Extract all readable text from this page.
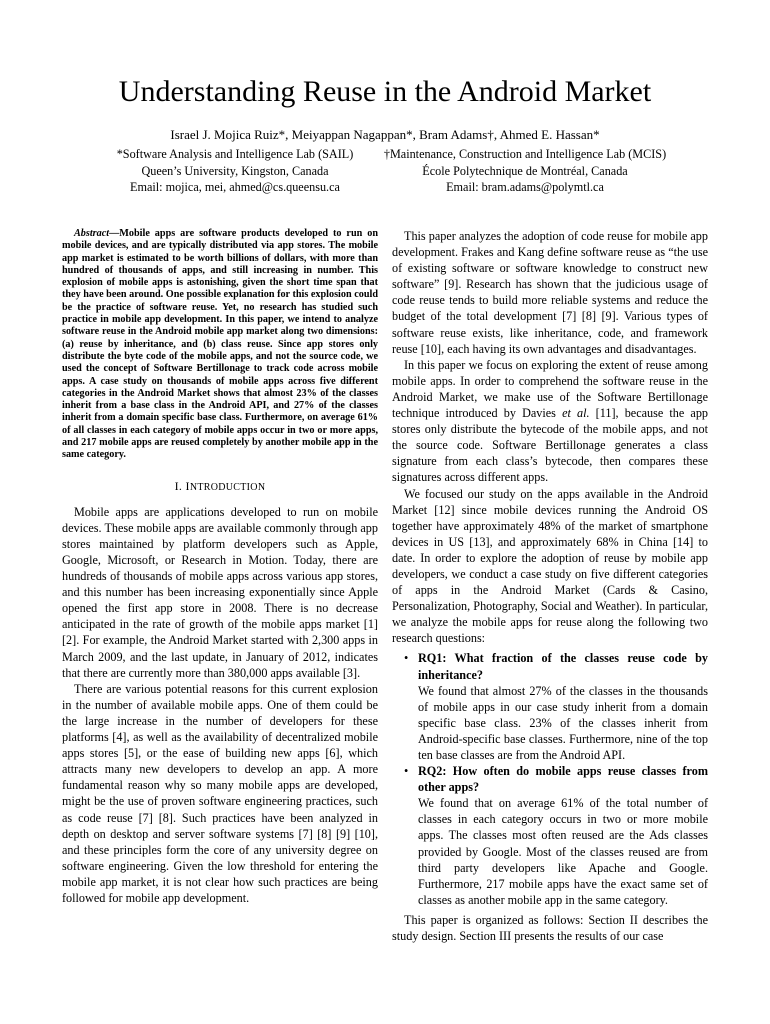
Understanding Reuse in the Android Market
Israel J. Mojica Ruiz*, Meiyappan Nagappan*, Bram Adams†, Ahmed E. Hassan*
*Software Analysis and Intelligence Lab (SAIL)
Queen’s University, Kingston, Canada
Email: mojica, mei, ahmed@cs.queensu.ca
†Maintenance, Construction and Intelligence Lab (MCIS)
École Polytechnique de Montréal, Canada
Email: bram.adams@polymtl.ca

Abstract—Mobile apps are software products developed to run on mobile devices, and are typically distributed via app stores. The mobile app market is estimated to be worth billions of dollars, with more than hundred of thousands of apps, and still increasing in number. This explosion of mobile apps is astonishing, given the short time span that they have been around. One possible explanation for this explosion could be the practice of software reuse. Yet, no research has studied such practice in mobile app development. In this paper, we intend to analyze software reuse in the Android mobile app market along two dimensions: (a) reuse by inheritance, and (b) class reuse. Since app stores only distribute the byte code of the mobile apps, and not the source code, we used the concept of Software Bertillonage to track code across mobile apps. A case study on thousands of mobile apps across five different categories in the Android Market shows that almost 23% of the classes inherit from a base class in the Android API, and 27% of the classes inherit from a domain specific base class. Furthermore, on average 61% of all classes in each category of mobile apps occur in two or more apps, and 217 mobile apps are reused completely by another mobile app in the same category.

I. INTRODUCTION

Mobile apps are applications developed to run on mobile devices. These mobile apps are available commonly through app stores maintained by platform developers such as Apple, Google, Microsoft, or Research in Motion. Today, there are hundreds of thousands of mobile apps across various app stores, and this number has been increasing exponentially since Apple opened the first app store in 2008. There is no decrease anticipated in the rate of growth of the mobile apps market [1] [2]. For example, the Android Market started with 2,300 apps in March 2009, and the last update, in January of 2012, indicates that there are currently more than 380,000 apps available [3].

There are various potential reasons for this current explosion in the number of available mobile apps. One of them could be the large increase in the number of developers for these platforms [4], as well as the availability of decentralized mobile apps stores [5], or the ease of building new apps [6], which attracts many new developers to develop an app. A more fundamental reason why so many mobile apps are developed, might be the use of proven software engineering practices, such as code reuse [7] [8]. Such practices have been analyzed in depth on desktop and server software systems [7] [8] [9] [10], and these principles form the core of any university degree on software engineering. Given the low threshold for entering the mobile app market, it is not clear how such practices are being followed for mobile app development.

This paper analyzes the adoption of code reuse for mobile app development. Frakes and Kang define software reuse as “the use of existing software or software knowledge to construct new software” [9]. Research has shown that the judicious usage of code reuse tends to build more reliable systems and reduce the budget of the total development [7] [8] [9]. Various types of software reuse exists, like inheritance, code, and framework reuse [10], each having its own advantages and disadvantages.

In this paper we focus on exploring the extent of reuse among mobile apps. In order to comprehend the software reuse in the Android Market, we make use of the Software Bertillonage technique introduced by Davies et al. [11], because the app stores only distribute the bytecode of the mobile apps, and not the source code. Software Bertillonage generates a class signature from each class’s bytecode, then compares these signatures across different apps.

We focused our study on the apps available in the Android Market [12] since mobile devices running the Android OS together have approximately 48% of the market of smartphone devices in US [13], and approximately 68% in China [14] to date. In order to explore the adoption of reuse by mobile app developers, we conduct a case study on five different categories of apps in the Android Market (Cards & Casino, Personalization, Photography, Social and Weather). In particular, we analyze the mobile apps for reuse along the following two research questions:

• RQ1: What fraction of the classes reuse code by inheritance?

We found that almost 27% of the classes in the thousands of mobile apps in our case study inherit from a domain specific base class. 23% of the classes inherit from Android-specific base classes. Furthermore, nine of the top ten base classes are from the Android API.

• RQ2: How often do mobile apps reuse classes from other apps?

We found that on average 61% of the total number of classes in each category occurs in two or more mobile apps. The classes most often reused are the Ads classes provided by Google. Most of the classes reused are from third party developers like Apache and Google. Furthermore, 217 mobile apps have the exact same set of classes as another mobile app in the same category.

This paper is organized as follows: Section II describes the study design. Section III presents the results of our case
